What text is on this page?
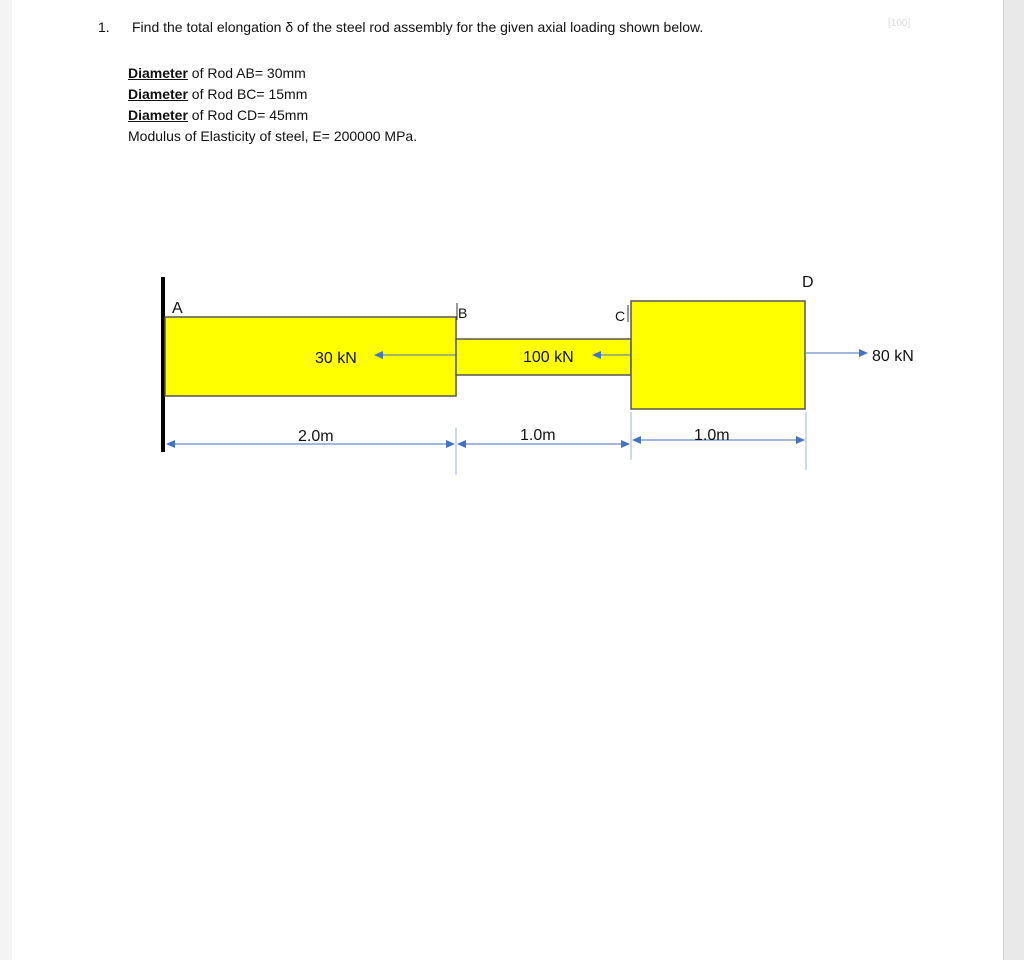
1. Find the total elongation δ of the steel rod assembly for the given axial loading shown below.	[100]
Diameter of Rod AB= 30mm
Diameter of Rod BC= 15mm
Diameter of Rod CD= 45mm
Modulus of Elasticity of steel, E= 200000 MPa.
A	B	C
D
30 kN	100 kN	80 kN
2.0m	1.0m	1.0m
